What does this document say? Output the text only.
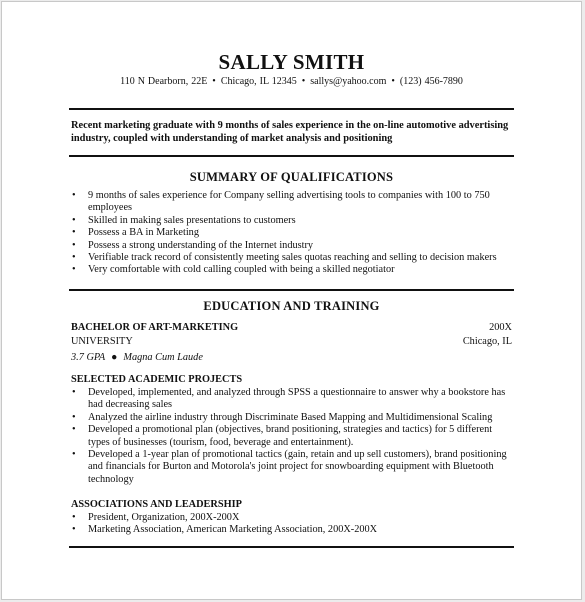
SALLY SMITH
110 N Dearborn, 22E • Chicago, IL 12345 • sallys@yahoo.com • (123) 456-7890
Recent marketing graduate with 9 months of sales experience in the on-line automotive advertising industry, coupled with understanding of market analysis and positioning
SUMMARY OF QUALIFICATIONS
• 9 months of sales experience for Company selling advertising tools to companies with 100 to 750 employees
• Skilled in making sales presentations to customers
• Possess a BA in Marketing
• Possess a strong understanding of the Internet industry
• Verifiable track record of consistently meeting sales quotas reaching and selling to decision makers
• Very comfortable with cold calling coupled with being a skilled negotiator
EDUCATION AND TRAINING
BACHELOR OF ART-MARKETING	200X
UNIVERSITY	Chicago, IL
3.7 GPA ● Magna Cum Laude
SELECTED ACADEMIC PROJECTS
• Developed, implemented, and analyzed through SPSS a questionnaire to answer why a bookstore has had decreasing sales
• Analyzed the airline industry through Discriminate Based Mapping and Multidimensional Scaling
• Developed a promotional plan (objectives, brand positioning, strategies and tactics) for 5 different types of businesses (tourism, food, beverage and entertainment).
• Developed a 1-year plan of promotional tactics (gain, retain and up sell customers), brand positioning and financials for Burton and Motorola's joint project for snowboarding equipment with Bluetooth technology
ASSOCIATIONS AND LEADERSHIP
• President, Organization, 200X-200X
• Marketing Association, American Marketing Association, 200X-200X
